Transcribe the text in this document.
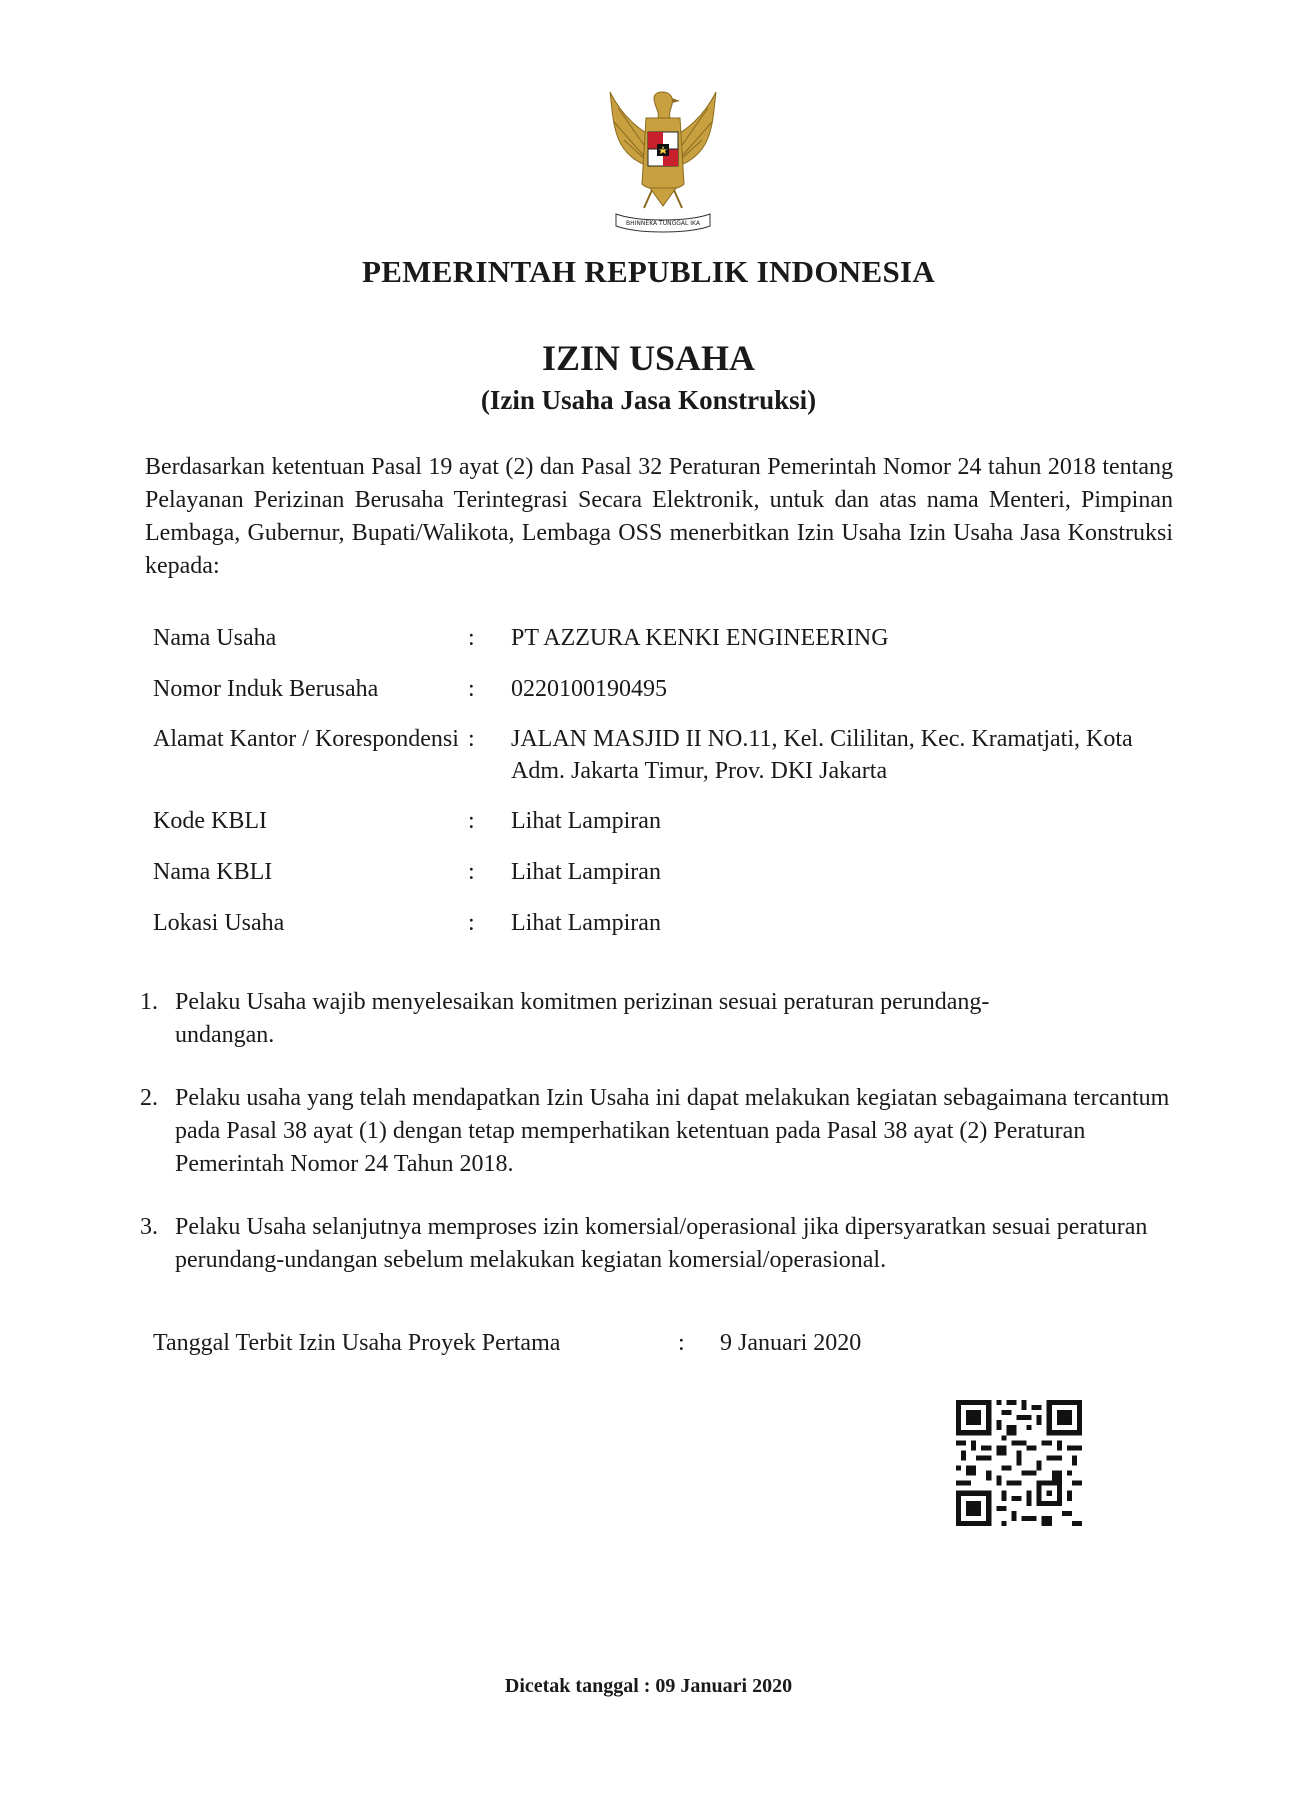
BHINNEKA TUNGGAL IKA
PEMERINTAH REPUBLIK INDONESIA
IZIN USAHA
(Izin Usaha Jasa Konstruksi)

Berdasarkan ketentuan Pasal 19 ayat (2) dan Pasal 32 Peraturan Pemerintah Nomor 24 tahun 2018 tentang Pelayanan Perizinan Berusaha Terintegrasi Secara Elektronik, untuk dan atas nama Menteri, Pimpinan Lembaga, Gubernur, Bupati/Walikota, Lembaga OSS menerbitkan Izin Usaha Izin Usaha Jasa Konstruksi kepada:

Nama Usaha	:	PT AZZURA KENKI ENGINEERING
Nomor Induk Berusaha	:	0220100190495
Alamat Kantor / Korespondensi :	JALAN MASJID II NO.11, Kel. Cililitan, Kec. Kramatjati, Kota Adm. Jakarta Timur, Prov. DKI Jakarta
Kode KBLI	:	Lihat Lampiran
Nama KBLI	:	Lihat Lampiran
Lokasi Usaha	:	Lihat Lampiran
1. Pelaku Usaha wajib menyelesaikan komitmen perizinan sesuai peraturan perundang-undangan.
2. Pelaku usaha yang telah mendapatkan Izin Usaha ini dapat melakukan kegiatan sebagaimana tercantum pada Pasal 38 ayat (1) dengan tetap memperhatikan ketentuan pada Pasal 38 ayat (2) Peraturan Pemerintah Nomor 24 Tahun 2018.
3. Pelaku Usaha selanjutnya memproses izin komersial/operasional jika dipersyaratkan sesuai peraturan perundang-undangan sebelum melakukan kegiatan komersial/operasional.
Tanggal Terbit Izin Usaha Proyek Pertama	:	9 Januari 2020
Dicetak tanggal : 09 Januari 2020
